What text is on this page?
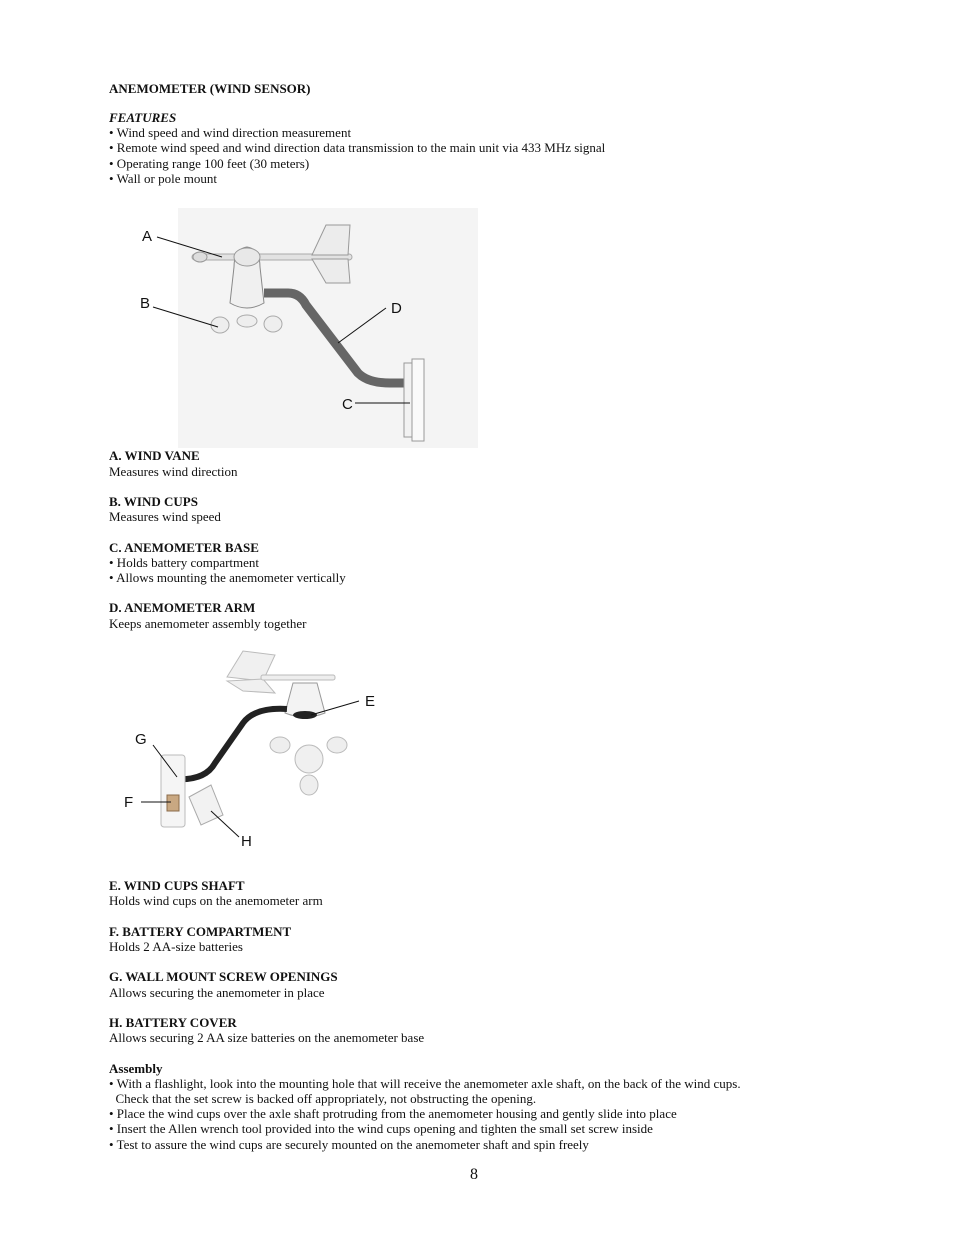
ANEMOMETER (WIND SENSOR)
FEATURES
• Wind speed and wind direction measurement
• Remote wind speed and wind direction data transmission to the main unit via 433 MHz signal
• Operating range 100 feet (30 meters)
• Wall or pole mount
A
B
C
D
A. WIND VANE
Measures wind direction
B. WIND CUPS
Measures wind speed
C. ANEMOMETER BASE
• Holds battery compartment
• Allows mounting the anemometer vertically
D. ANEMOMETER ARM
Keeps anemometer assembly together
E
F
G
H
E. WIND CUPS SHAFT
Holds wind cups on the anemometer arm
F. BATTERY COMPARTMENT
Holds 2 AA-size batteries
G. WALL MOUNT SCREW OPENINGS
Allows securing the anemometer in place
H. BATTERY COVER
Allows securing 2 AA size batteries on the anemometer base
Assembly
• With a flashlight, look into the mounting hole that will receive the anemometer axle shaft, on the back of the wind cups.
Check that the set screw is backed off appropriately, not obstructing the opening.
• Place the wind cups over the axle shaft protruding from the anemometer housing and gently slide into place
• Insert the Allen wrench tool provided into the wind cups opening and tighten the small set screw inside
• Test to assure the wind cups are securely mounted on the anemometer shaft and spin freely
8
